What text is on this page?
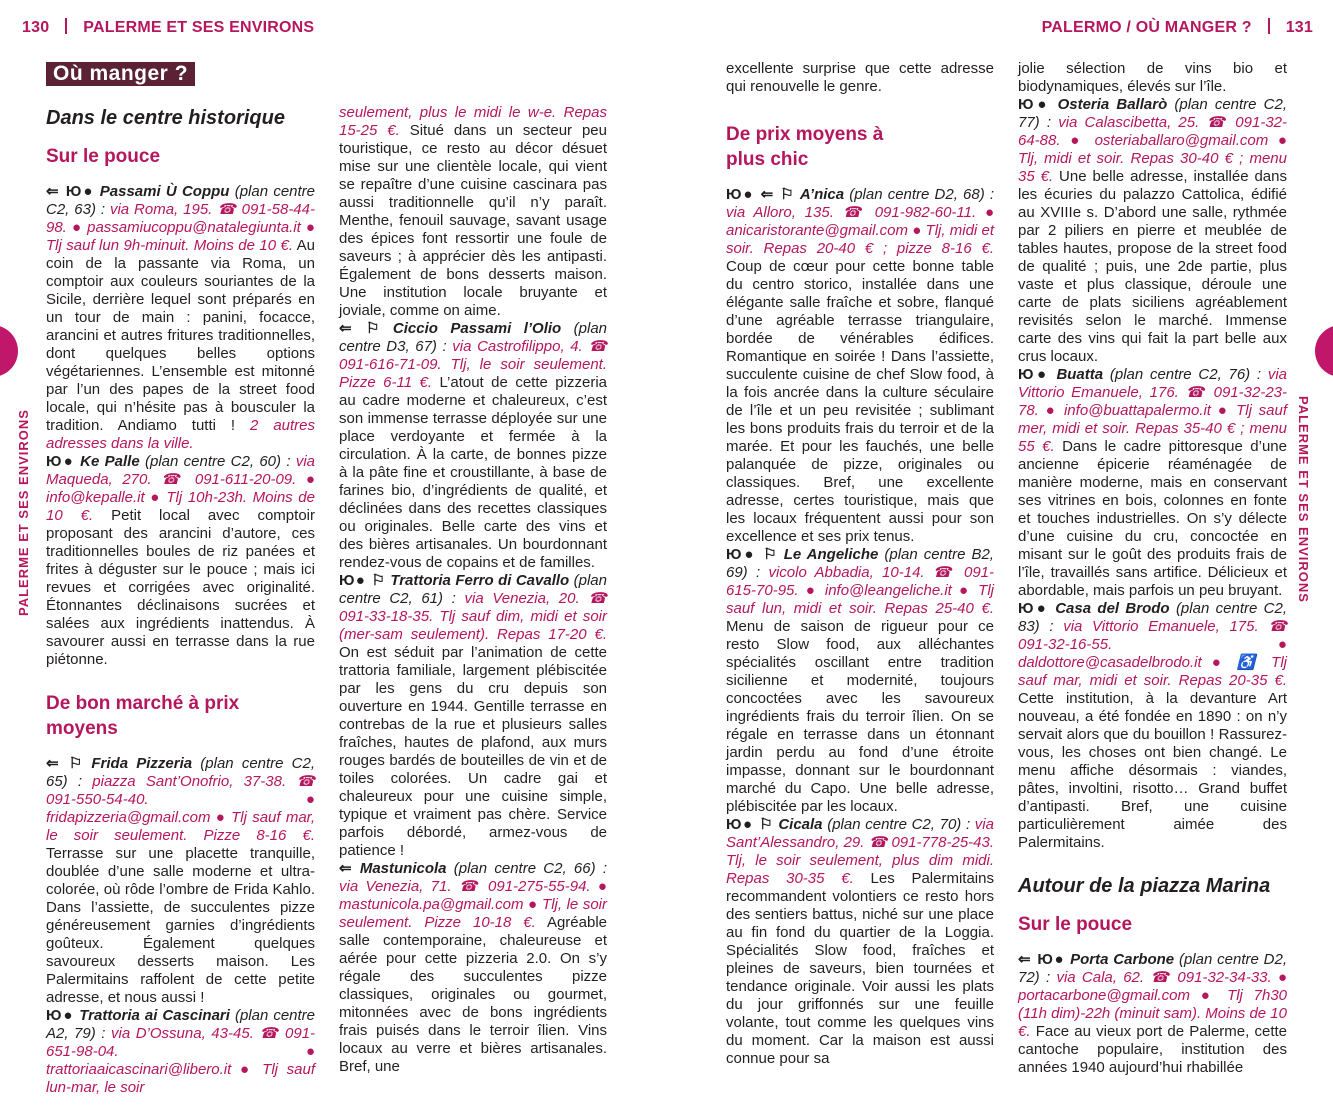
130 PALERME ET SES ENVIRONS	PALERMO / OÙ MANGER ? 131
PALERME ET SES ENVIRONS	PALERME ET SES ENVIRONS
Où manger ?
Dans le centre historique
Sur le pouce

⇐ Ю● Passami Ù Coppu (plan centre C2, 63) : via Roma, 195. ☎ 091-58-44-98. ● passamiucoppu@natalegiunta.it ● Tlj sauf lun 9h-minuit. Moins de 10 €. Au coin de la passante via Roma, un comptoir aux couleurs souriantes de la Sicile, derrière lequel sont préparés en un tour de main : panini, focacce, arancini et autres fritures traditionnelles, dont quelques belles options végétariennes. L’ensemble est mitonné par l’un des papes de la street food locale, qui n’hésite pas à bousculer la tradition. Andiamo tutti ! 2 autres adresses dans la ville.

Ю● Ke Palle (plan centre C2, 60) : via Maqueda, 270. ☎ 091-611-20-09. ● info@kepalle.it ● Tlj 10h-23h. Moins de 10 €. Petit local avec comptoir proposant des arancini d’autore, ces traditionnelles boules de riz panées et frites à déguster sur le pouce ; mais ici revues et corrigées avec originalité. Étonnantes déclinaisons sucrées et salées aux ingrédients inattendus. À savourer aussi en terrasse dans la rue piétonne.

De bon marché à prix moyens

⇐ ⚐ Frida Pizzeria (plan centre C2, 65) : piazza Sant’Onofrio, 37-38. ☎ 091-550-54-40. ● fridapizzeria@gmail.com ● Tlj sauf mar, le soir seulement. Pizze 8-16 €. Terrasse sur une placette tranquille, doublée d’une salle moderne et ultra-colorée, où rôde l’ombre de Frida Kahlo. Dans l’assiette, de succulentes pizze généreusement garnies d’ingrédients goûteux. Également quelques savoureux desserts maison. Les Palermitains raffolent de cette petite adresse, et nous aussi !

Ю● Trattoria ai Cascinari (plan centre A2, 79) : via D’Ossuna, 43-45. ☎ 091-651-98-04. ● trattoriaaicascinari@libero.it ● Tlj sauf lun-mar, le soir

seulement, plus le midi le w-e. Repas 15-25 €. Situé dans un secteur peu touristique, ce resto au décor désuet mise sur une clientèle locale, qui vient se repaître d’une cuisine cascinara pas aussi traditionnelle qu’il n’y paraît. Menthe, fenouil sauvage, savant usage des épices font ressortir une foule de saveurs ; à apprécier dès les antipasti. Également de bons desserts maison. Une institution locale bruyante et joviale, comme on aime.

⇐ ⚐ Ciccio Passami l’Olio (plan centre D3, 67) : via Castrofilippo, 4. ☎ 091-616-71-09. Tlj, le soir seulement. Pizze 6-11 €. L’atout de cette pizzeria au cadre moderne et chaleureux, c’est son immense terrasse déployée sur une place verdoyante et fermée à la circulation. À la carte, de bonnes pizze à la pâte fine et croustillante, à base de farines bio, d’ingrédients de qualité, et déclinées dans des recettes classiques ou originales. Belle carte des vins et des bières artisanales. Un bourdonnant rendez-vous de copains et de familles.

Ю● ⚐ Trattoria Ferro di Cavallo (plan centre C2, 61) : via Venezia, 20. ☎ 091-33-18-35. Tlj sauf dim, midi et soir (mer-sam seulement). Repas 17-20 €. On est séduit par l’animation de cette trattoria familiale, largement plébiscitée par les gens du cru depuis son ouverture en 1944. Gentille terrasse en contrebas de la rue et plusieurs salles fraîches, hautes de plafond, aux murs rouges bardés de bouteilles de vin et de toiles colorées. Un cadre gai et chaleureux pour une cuisine simple, typique et vraiment pas chère. Service parfois débordé, armez-vous de patience !

⇐ Mastunicola (plan centre C2, 66) : via Venezia, 71. ☎ 091-275-55-94. ● mastunicola.pa@gmail.com ● Tlj, le soir seulement. Pizze 10-18 €. Agréable salle contemporaine, chaleureuse et aérée pour cette pizzeria 2.0. On s’y régale des succulentes pizze classiques, originales ou gourmet, mitonnées avec de bons ingrédients frais puisés dans le terroir îlien. Vins locaux au verre et bières artisanales. Bref, une

excellente surprise que cette adresse qui renouvelle le genre.

De prix moyens à plus chic

Ю● ⇐ ⚐ A’nica (plan centre D2, 68) : via Alloro, 135. ☎ 091-982-60-11. ● anicaristorante@gmail.com ● Tlj, midi et soir. Repas 20-40 € ; pizze 8-16 €. Coup de cœur pour cette bonne table du centro storico, installée dans une élégante salle fraîche et sobre, flanqué d’une agréable terrasse triangulaire, bordée de vénérables édifices. Romantique en soirée ! Dans l’assiette, succulente cuisine de chef Slow food, à la fois ancrée dans la culture séculaire de l’île et un peu revisitée ; sublimant les bons produits frais du terroir et de la marée. Et pour les fauchés, une belle palanquée de pizze, originales ou classiques. Bref, une excellente adresse, certes touristique, mais que les locaux fréquentent aussi pour son excellence et ses prix tenus.

Ю● ⚐ Le Angeliche (plan centre B2, 69) : vicolo Abbadia, 10-14. ☎ 091-615-70-95. ● info@leangeliche.it ● Tlj sauf lun, midi et soir. Repas 25-40 €. Menu de saison de rigueur pour ce resto Slow food, aux alléchantes spécialités oscillant entre tradition sicilienne et modernité, toujours concoctées avec les savoureux ingrédients frais du terroir îlien. On se régale en terrasse dans un étonnant jardin perdu au fond d’une étroite impasse, donnant sur le bourdonnant marché du Capo. Une belle adresse, plébiscitée par les locaux.

Ю● ⚐ Cicala (plan centre C2, 70) : via Sant’Alessandro, 29. ☎ 091-778-25-43. Tlj, le soir seulement, plus dim midi. Repas 30-35 €. Les Palermitains recommandent volontiers ce resto hors des sentiers battus, niché sur une place au fin fond du quartier de la Loggia. Spécialités Slow food, fraîches et pleines de saveurs, bien tournées et tendance originale. Voir aussi les plats du jour griffonnés sur une feuille volante, tout comme les quelques vins du moment. Car la maison est aussi connue pour sa

jolie sélection de vins bio et biodynamiques, élevés sur l’île.

Ю● Osteria Ballarò (plan centre C2, 77) : via Calascibetta, 25. ☎ 091-32-64-88. ● osteriaballaro@gmail.com ● Tlj, midi et soir. Repas 30-40 € ; menu 35 €. Une belle adresse, installée dans les écuries du palazzo Cattolica, édifié au XVIIIe s. D’abord une salle, rythmée par 2 piliers en pierre et meublée de tables hautes, propose de la street food de qualité ; puis, une 2de partie, plus vaste et plus classique, déroule une carte de plats siciliens agréablement revisités selon le marché. Immense carte des vins qui fait la part belle aux crus locaux.

Ю● Buatta (plan centre C2, 76) : via Vittorio Emanuele, 176. ☎ 091-32-23-78. ● info@buattapalermo.it ● Tlj sauf mer, midi et soir. Repas 35-40 € ; menu 55 €. Dans le cadre pittoresque d’une ancienne épicerie réaménagée de manière moderne, mais en conservant ses vitrines en bois, colonnes en fonte et touches industrielles. On s’y délecte d’une cuisine du cru, concoctée en misant sur le goût des produits frais de l’île, travaillés sans artifice. Délicieux et abordable, mais parfois un peu bruyant.

Ю● Casa del Brodo (plan centre C2, 83) : via Vittorio Emanuele, 175. ☎ 091-32-16-55. ● daldottore@casadelbrodo.it ● ♿ Tlj sauf mar, midi et soir. Repas 20-35 €. Cette institution, à la devanture Art nouveau, a été fondée en 1890 : on n’y servait alors que du bouillon ! Rassurez-vous, les choses ont bien changé. Le menu affiche désormais : viandes, pâtes, involtini, risotto… Grand buffet d’antipasti. Bref, une cuisine particulièrement aimée des Palermitains.

Autour de la piazza Marina
Sur le pouce

⇐ Ю● Porta Carbone (plan centre D2, 72) : via Cala, 62. ☎ 091-32-34-33. ● portacarbone@gmail.com ● Tlj 7h30 (11h dim)-22h (minuit sam). Moins de 10 €. Face au vieux port de Palerme, cette cantoche populaire, institution des années 1940 aujourd’hui rhabillée
